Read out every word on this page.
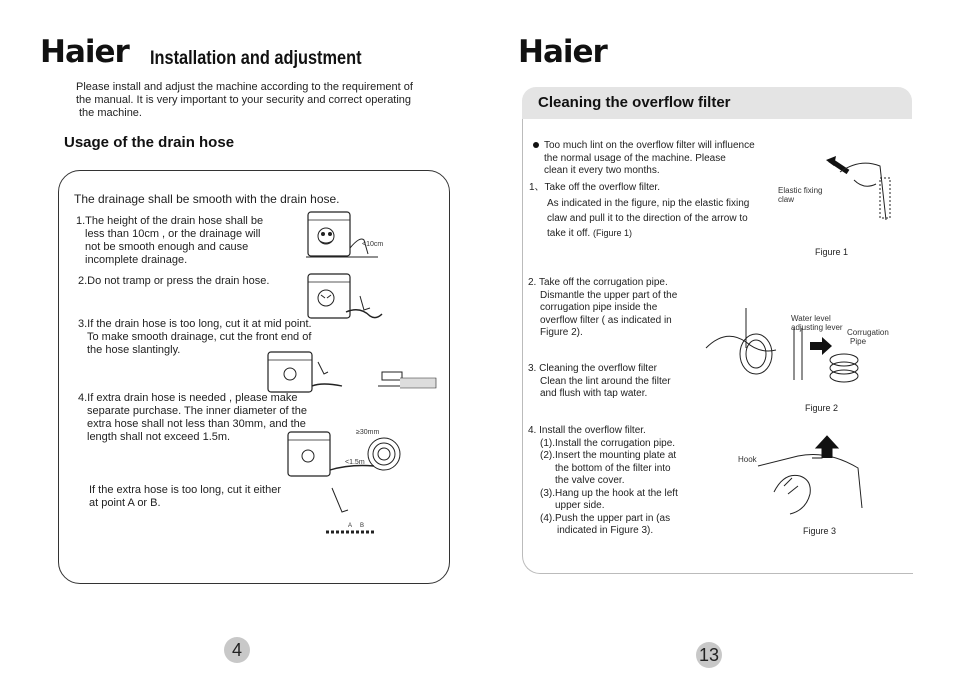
Haier Installation and adjustment
Please install and adjust the machine according to the requirement of
the manual. It is very important to your security and correct operating
the machine.
Usage of the drain hose
The drainage shall be smooth with the drain hose.
1.The height of the drain hose shall be
less than 10cm , or the drainage will
not be smooth enough and cause
incomplete drainage.
<10cm
2.Do not tramp or press the drain hose.
3.If the drain hose is too long, cut it at mid point.
To make smooth drainage, cut the front end of
the hose slantingly.
4.If extra drain hose is needed , please make
separate purchase. The inner diameter of the
extra hose shall not less than 30mm, and the
length shall not exceed 1.5m.	≥30mm
<1.5m
If the extra hose is too long, cut it either
at point A or B.
A B
4
Haier
Cleaning the overflow filter
Too much lint on the overflow filter will influence
the normal usage of the machine. Please
clean it every two months.
1、Take off the overflow filter.
As indicated in the figure, nip the elastic fixing
claw and pull it to the direction of the arrow to
take it off. (Figure 1)
Elastic fixing
claw
Figure 1
2. Take off the corrugation pipe.
Dismantle the upper part of the
corrugation pipe inside the
overflow filter ( as indicated in
Figure 2).
Water level
adjusting lever
Corrugation
Pipe
Figure 2
3. Cleaning the overflow filter
Clean the lint around the filter
and flush with tap water.
4. Install the overflow filter.
(1).Install the corrugation pipe.
(2).Insert the mounting plate at
the bottom of the filter into
the valve cover.
(3).Hang up the hook at the left
upper side.
(4).Push the upper part in (as
indicated in Figure 3).
Hook
Figure 3
13
